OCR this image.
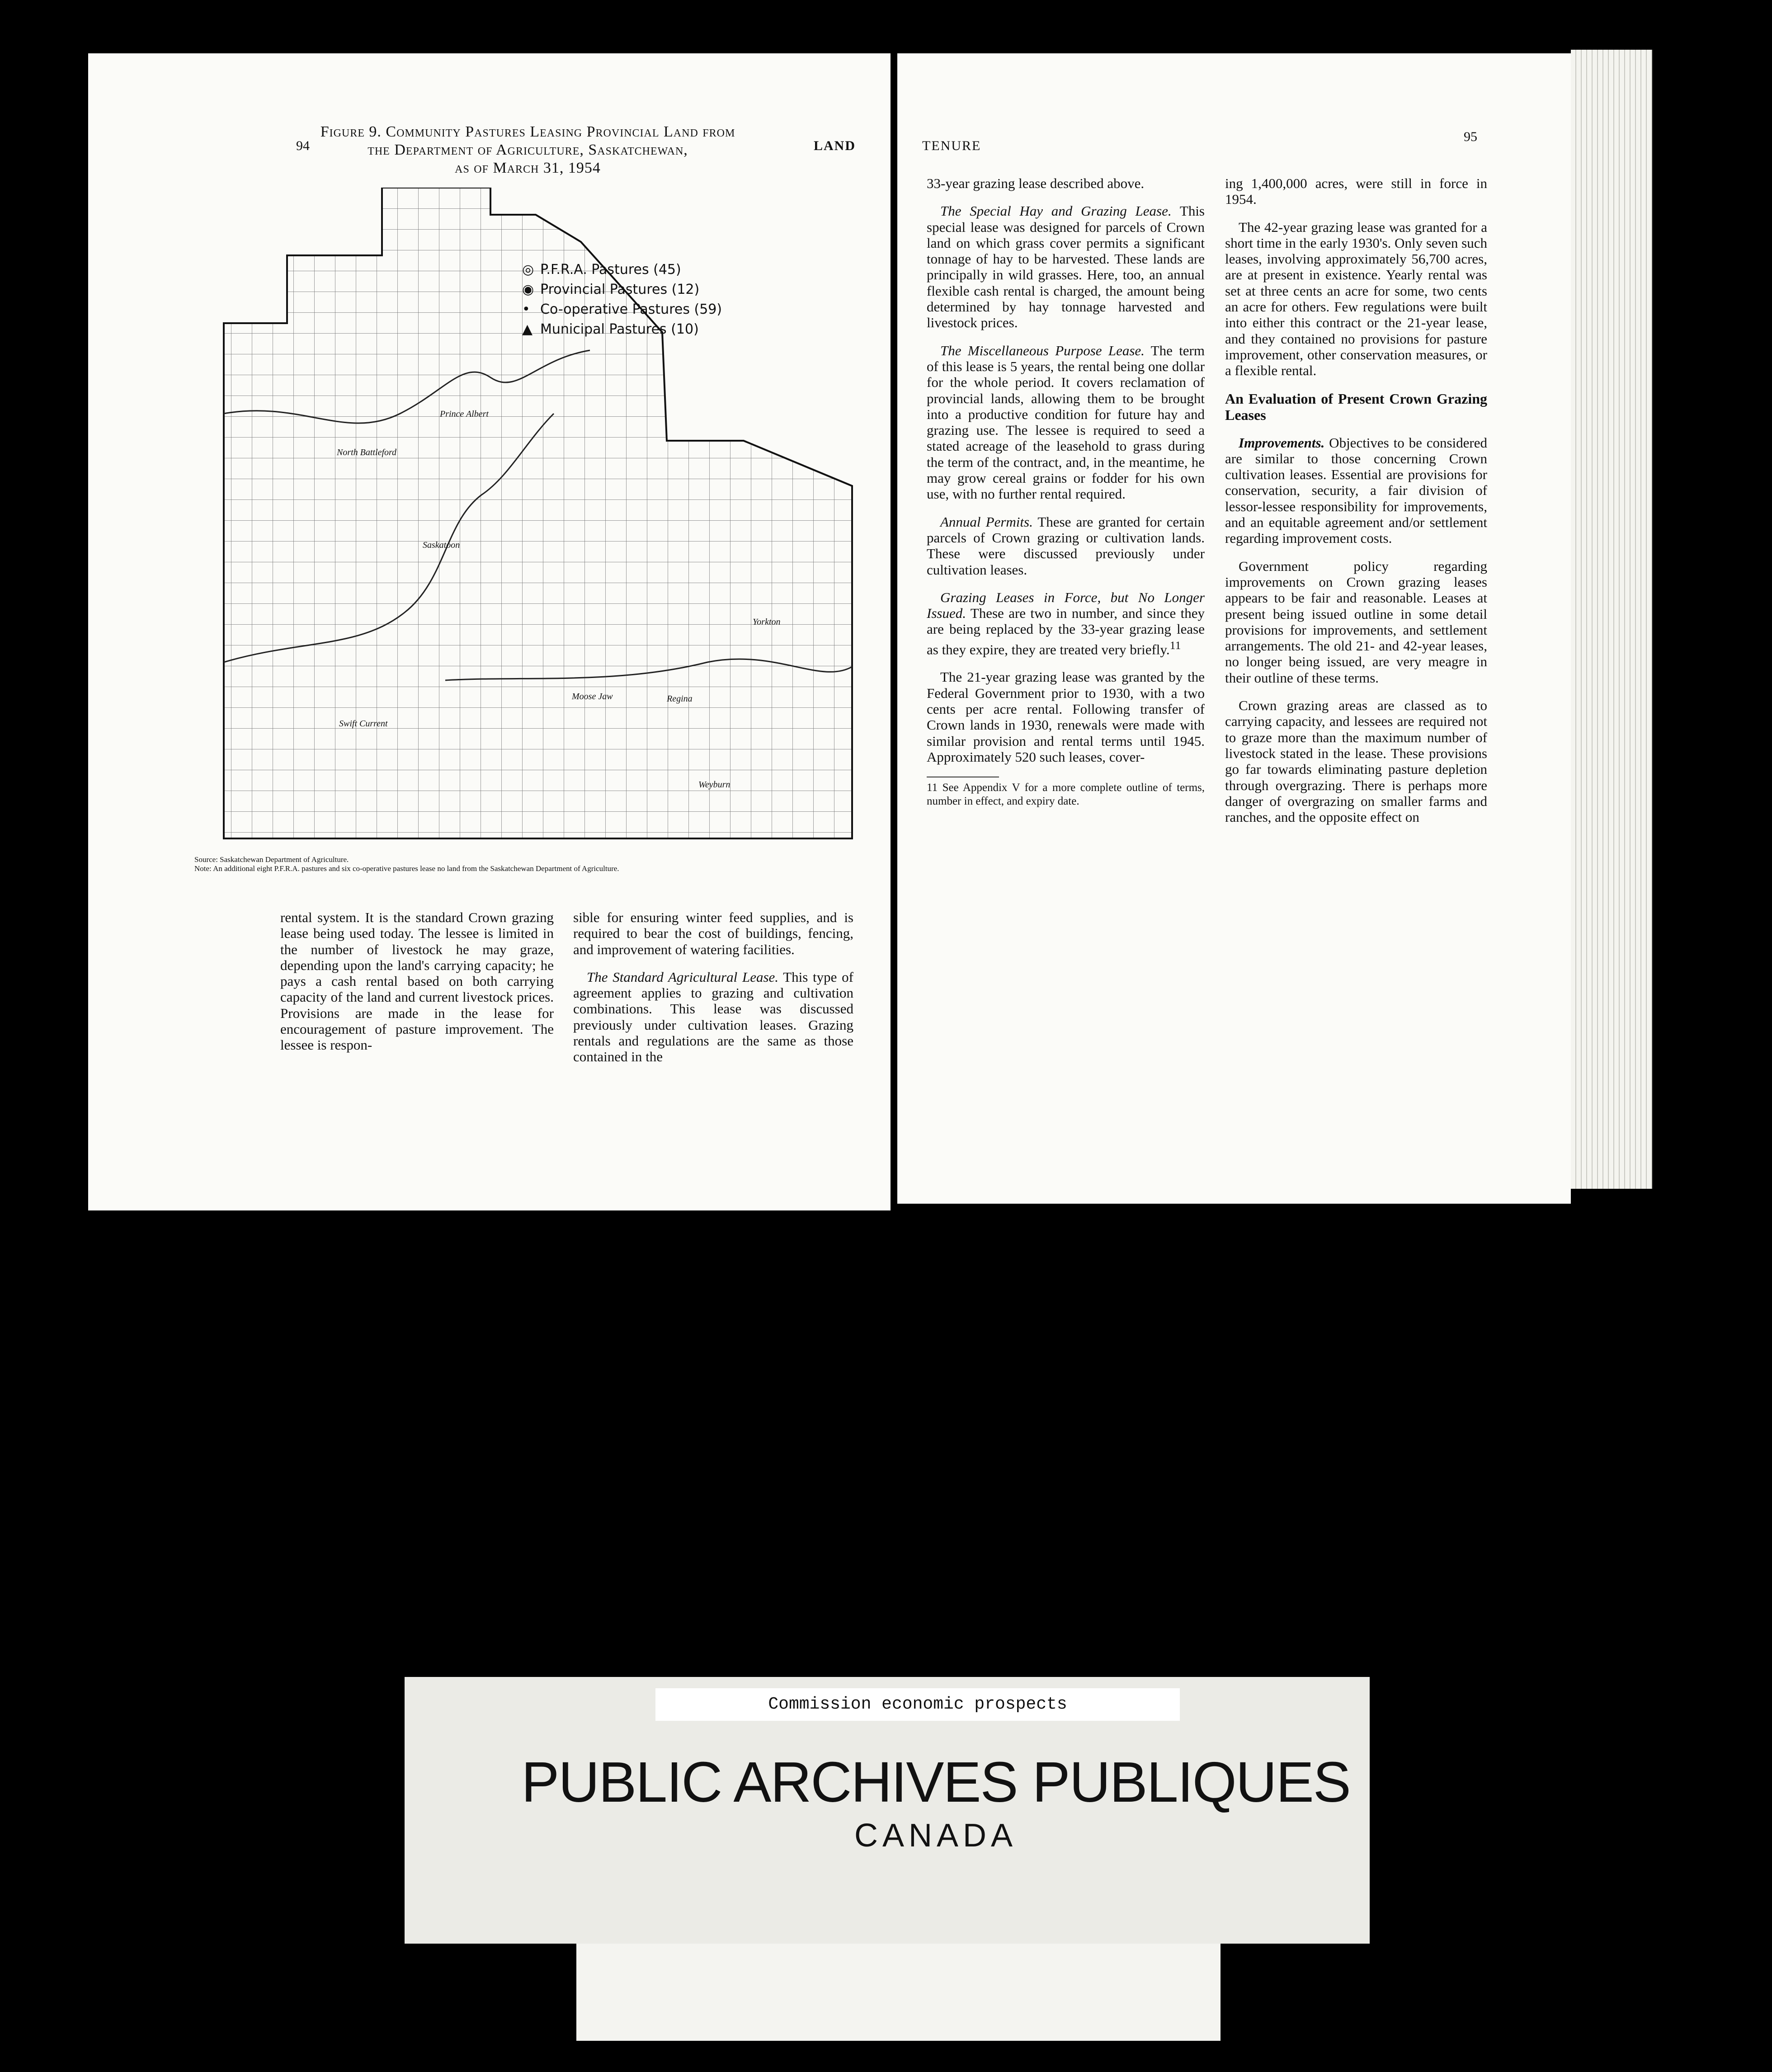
94	LAND
Figure 9. Community Pastures Leasing Provincial Land from
the Department of Agriculture, Saskatchewan,
as of March 31, 1954
◎ P.F.R.A. Pastures (45)
◉ Provincial Pastures (12)
• Co-operative Pastures (59)
▲ Municipal Pastures (10)
Prince Albert
North Battleford
Saskatoon
Yorkton
Moose Jaw	Regina
Swift Current
Weyburn
Source: Saskatchewan Department of Agriculture.
Note: An additional eight P.F.R.A. pastures and six co-operative pastures lease no land from the Saskatchewan Department of Agriculture.

rental system. It is the standard Crown grazing lease being used today. The lessee is limited in the number of livestock he may graze, depending upon the land's carrying capacity; he pays a cash rental based on both carrying capacity of the land and current livestock prices. Provisions are made in the lease for encouragement of pasture improvement. The lessee is respon-

sible for ensuring winter feed supplies, and is required to bear the cost of buildings, fencing, and improvement of watering facilities.

The Standard Agricultural Lease. This type of agreement applies to grazing and cultivation combinations. This lease was discussed previously under cultivation leases. Grazing rentals and regulations are the same as those contained in the

TENURE
95

33-year grazing lease described above.

The Special Hay and Grazing Lease. This special lease was designed for parcels of Crown land on which grass cover permits a significant tonnage of hay to be harvested. These lands are principally in wild grasses. Here, too, an annual flexible cash rental is charged, the amount being determined by hay tonnage harvested and livestock prices.

The Miscellaneous Purpose Lease. The term of this lease is 5 years, the rental being one dollar for the whole period. It covers reclamation of provincial lands, allowing them to be brought into a productive condition for future hay and grazing use. The lessee is required to seed a stated acreage of the leasehold to grass during the term of the contract, and, in the meantime, he may grow cereal grains or fodder for his own use, with no further rental required.

Annual Permits. These are granted for certain parcels of Crown grazing or cultivation lands. These were discussed previously under cultivation leases.

Grazing Leases in Force, but No Longer Issued. These are two in number, and since they are being replaced by the 33-year grazing lease as they expire, they are treated very briefly.$^{11}$

The 21-year grazing lease was granted by the Federal Government prior to 1930, with a two cents per acre rental. Following transfer of Crown lands in 1930, renewals were made with similar provision and rental terms until 1945. Approximately 520 such leases, cover-

11 See Appendix V for a more complete outline of terms, number in effect, and expiry date.

ing 1,400,000 acres, were still in force in 1954.

The 42-year grazing lease was granted for a short time in the early 1930's. Only seven such leases, involving approximately 56,700 acres, are at present in existence. Yearly rental was set at three cents an acre for some, two cents an acre for others. Few regulations were built into either this contract or the 21-year lease, and they contained no provisions for pasture improvement, other conservation measures, or a flexible rental.

An Evaluation of Present Crown Grazing Leases

Improvements. Objectives to be considered are similar to those concerning Crown cultivation leases. Essential are provisions for conservation, security, a fair division of lessor-lessee responsibility for improvements, and an equitable agreement and/or settlement regarding improvement costs.

Government policy regarding improvements on Crown grazing leases appears to be fair and reasonable. Leases at present being issued outline in some detail provisions for improvements, and settlement arrangements. The old 21- and 42-year leases, no longer being issued, are very meagre in their outline of these terms.

Crown grazing areas are classed as to carrying capacity, and lessees are required not to graze more than the maximum number of livestock stated in the lease. These provisions go far towards eliminating pasture depletion through overgrazing. There is perhaps more danger of overgrazing on smaller farms and ranches, and the opposite effect on

Commission economic prospects
PUBLIC ARCHIVES PUBLIQUES
CANADA
